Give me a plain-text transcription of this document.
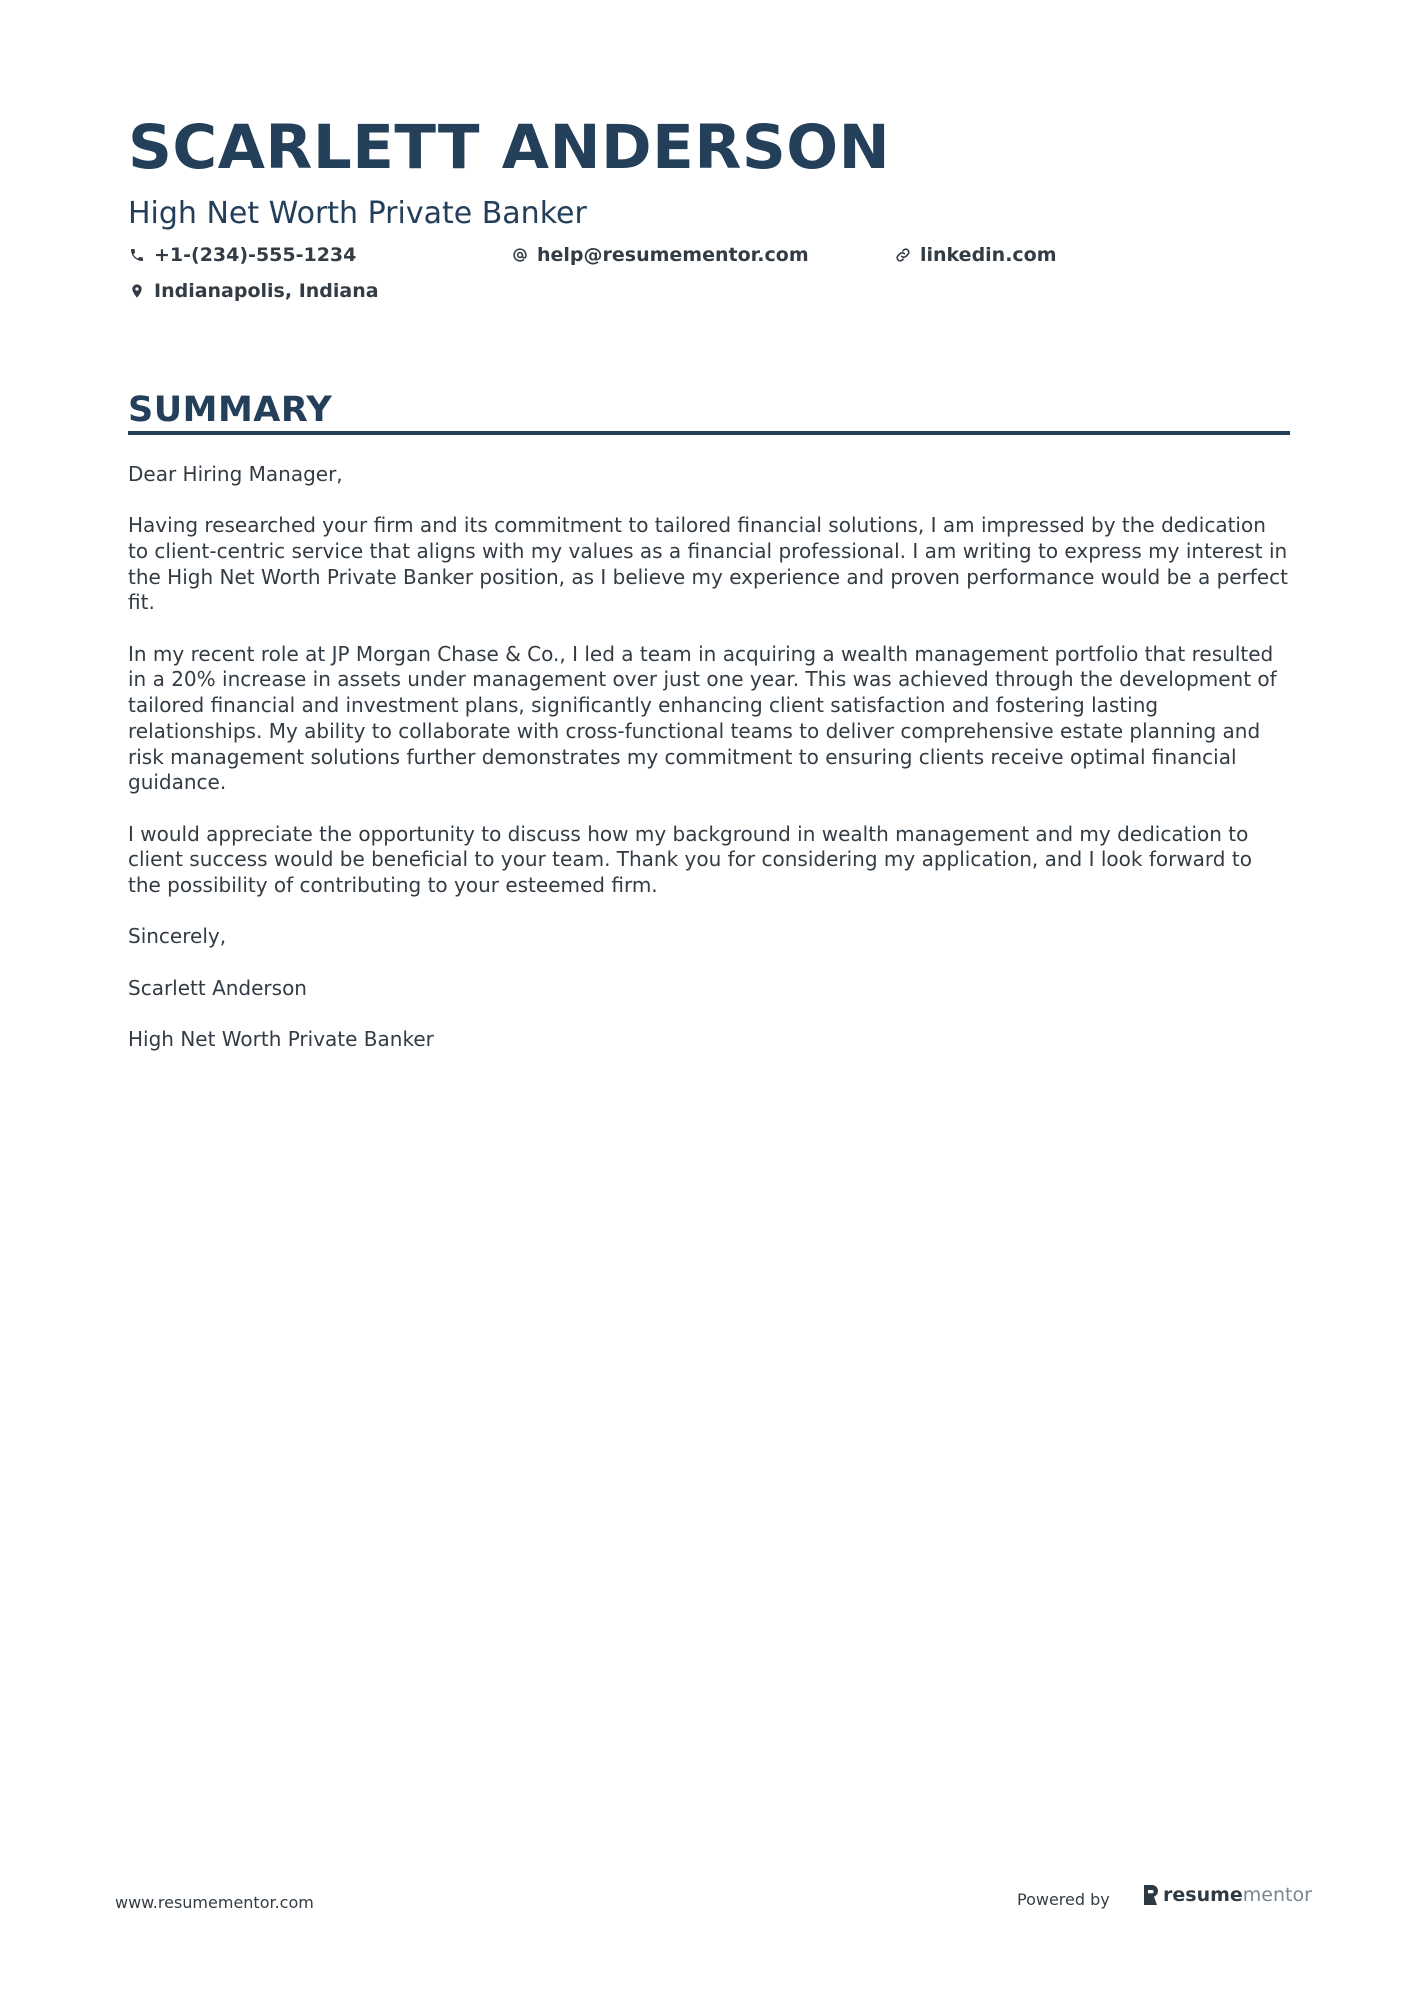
SCARLETT ANDERSON
High Net Worth Private Banker
+1-(234)-555-1234	help@resumementor.com	linkedin.com
Indianapolis, Indiana
SUMMARY

Dear Hiring Manager,

Having researched your firm and its commitment to tailored financial solutions, I am impressed by the dedication to client-centric service that aligns with my values as a financial professional. I am writing to express my interest in the High Net Worth Private Banker position, as I believe my experience and proven performance would be a perfect fit.

In my recent role at JP Morgan Chase & Co., I led a team in acquiring a wealth management portfolio that resulted in a 20% increase in assets under management over just one year. This was achieved through the development of tailored financial and investment plans, significantly enhancing client satisfaction and fostering lasting relationships. My ability to collaborate with cross-functional teams to deliver comprehensive estate planning and risk management solutions further demonstrates my commitment to ensuring clients receive optimal financial guidance.

I would appreciate the opportunity to discuss how my background in wealth management and my dedication to client success would be beneficial to your team. Thank you for considering my application, and I look forward to the possibility of contributing to your esteemed firm.

Sincerely,

Scarlett Anderson

High Net Worth Private Banker

www.resumementor.com	Powered by	resume mentor
